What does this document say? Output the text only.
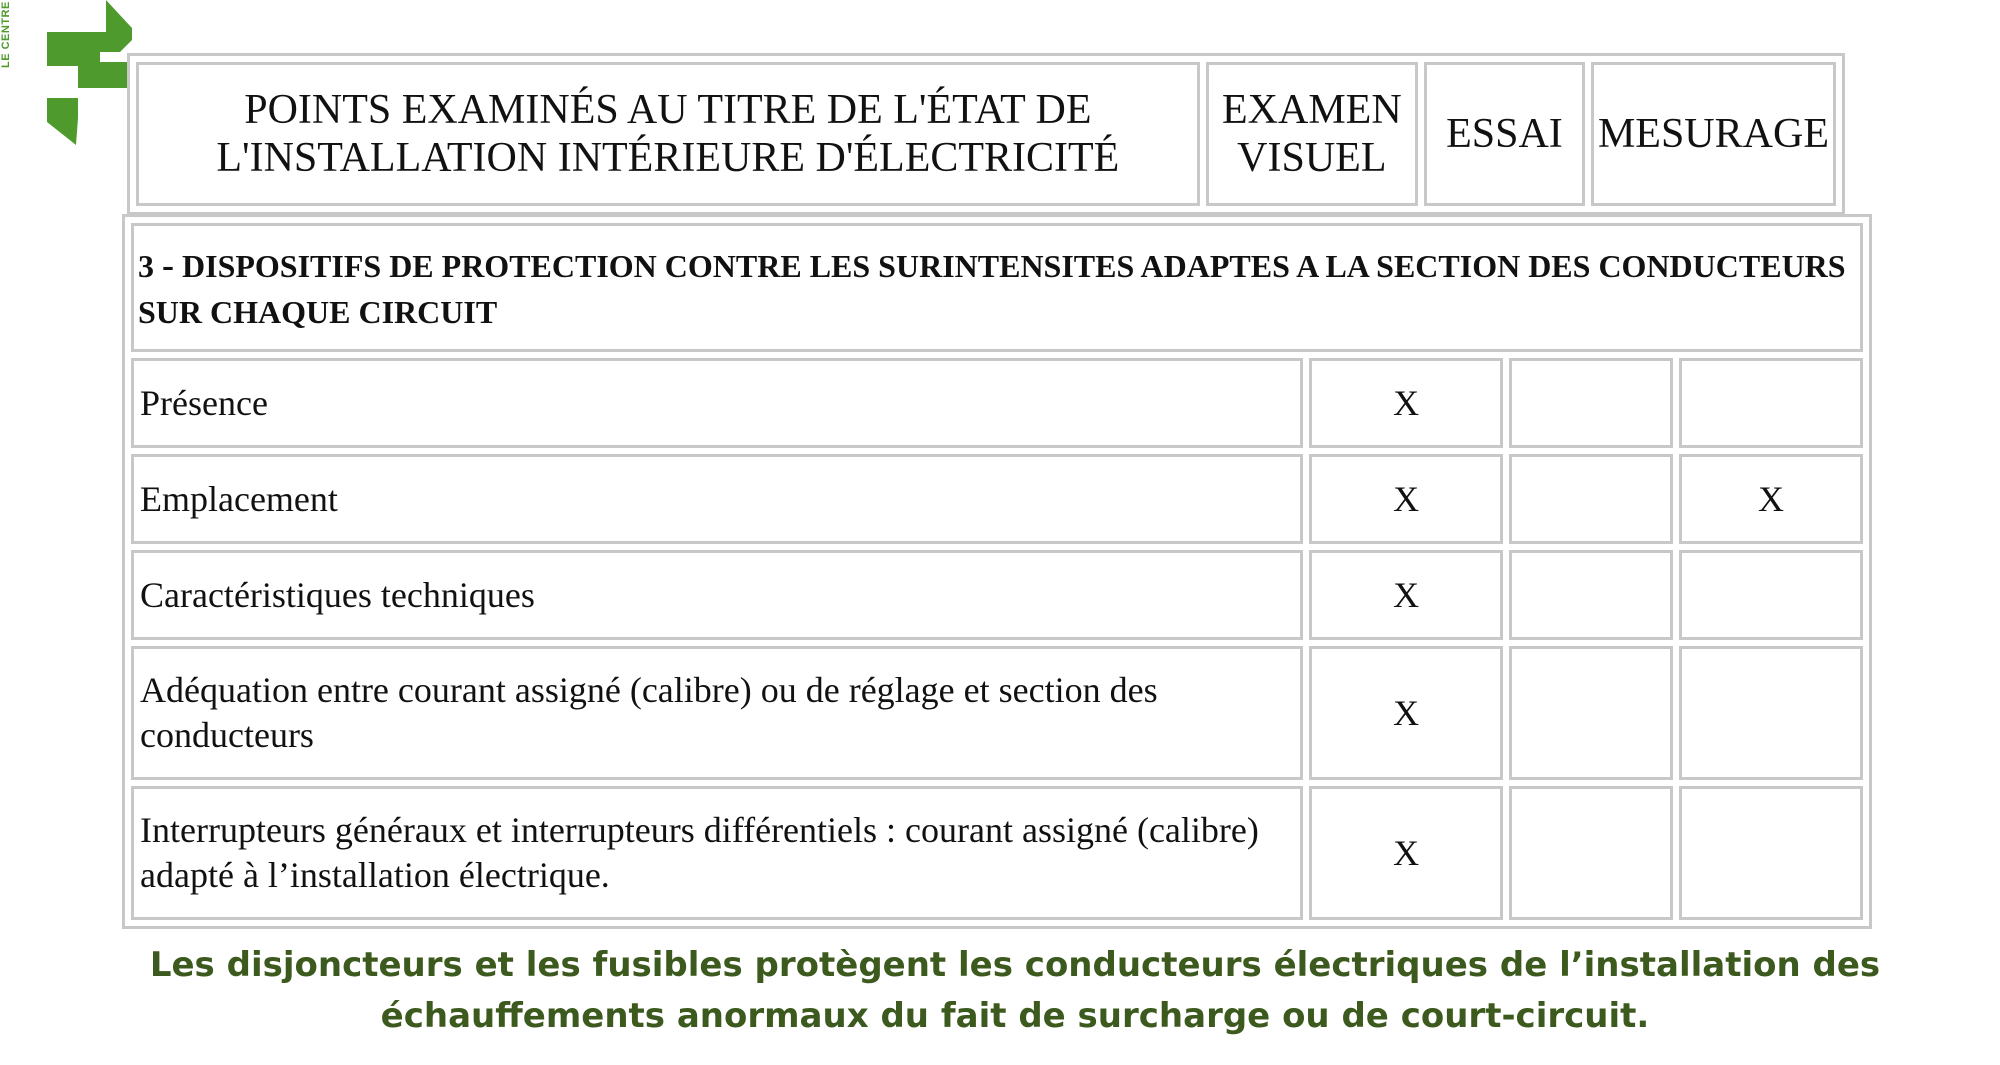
LE CENTRE
POINTS EXAMINÉS AU TITRE DE L'ÉTAT DE L'INSTALLATION INTÉRIEURE D'ÉLECTRICITÉ	EXAMEN VISUEL	ESSAI	MESURAGE
3 - DISPOSITIFS DE PROTECTION CONTRE LES SURINTENSITES ADAPTES A LA SECTION DES CONDUCTEURS SUR CHAQUE CIRCUIT			
Présence	X		
Emplacement	X		X
Caractéristiques techniques	X		
Adéquation entre courant assigné (calibre) ou de réglage et section des conducteurs	X		
Interrupteurs généraux et interrupteurs différentiels : courant assigné (calibre) adapté à l’installation électrique.	X		
Les disjoncteurs et les fusibles protègent les conducteurs électriques de l’installation des échauffements anormaux du fait de surcharge ou de court-circuit.
